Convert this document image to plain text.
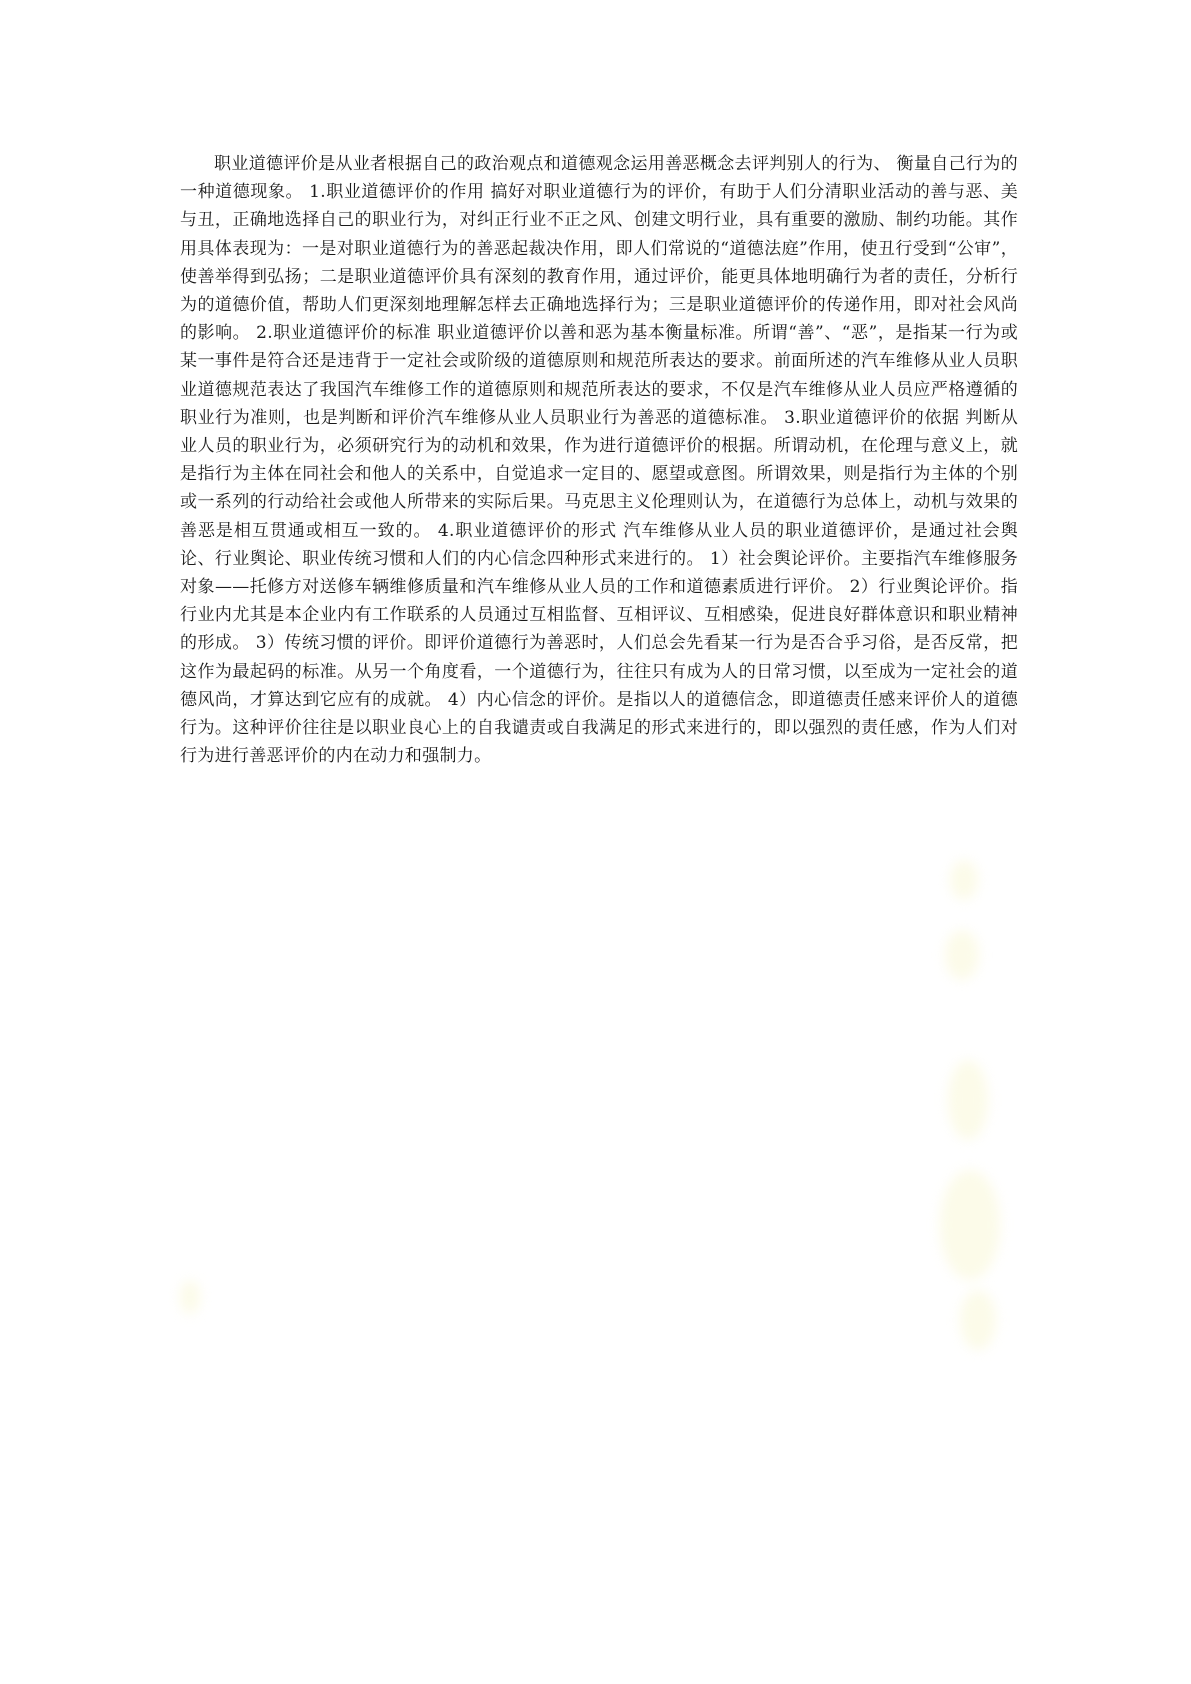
职业道德评价是从业者根据自己的政治观点和道德观念运用善恶概念去评判别人的行为、 衡量自己行为的一种道德现象。 1.职业道德评价的作用 搞好对职业道德行为的评价，有助于人们分清职业活动的善与恶、美与丑，正确地选择自己的职业行为，对纠正行业不正之风、创建文明行业，具有重要的激励、制约功能。其作用具体表现为：一是对职业道德行为的善恶起裁决作用，即人们常说的“道德法庭”作用，使丑行受到“公审”，使善举得到弘扬；二是职业道德评价具有深刻的教育作用，通过评价，能更具体地明确行为者的责任，分析行为的道德价值，帮助人们更深刻地理解怎样去正确地选择行为；三是职业道德评价的传递作用，即对社会风尚的影响。 2.职业道德评价的标准 职业道德评价以善和恶为基本衡量标准。所谓“善”、“恶”，是指某一行为或某一事件是符合还是违背于一定社会或阶级的道德原则和规范所表达的要求。前面所述的汽车维修从业人员职业道德规范表达了我国汽车维修工作的道德原则和规范所表达的要求，不仅是汽车维修从业人员应严格遵循的职业行为准则，也是判断和评价汽车维修从业人员职业行为善恶的道德标准。 3.职业道德评价的依据 判断从业人员的职业行为，必须研究行为的动机和效果，作为进行道德评价的根据。所谓动机，在伦理与意义上，就是指行为主体在同社会和他人的关系中，自觉追求一定目的、愿望或意图。所谓效果，则是指行为主体的个别或一系列的行动给社会或他人所带来的实际后果。马克思主义伦理则认为，在道德行为总体上，动机与效果的善恶是相互贯通或相互一致的。 4.职业道德评价的形式 汽车维修从业人员的职业道德评价，是通过社会舆论、行业舆论、职业传统习惯和人们的内心信念四种形式来进行的。 1）社会舆论评价。主要指汽车维修服务对象——托修方对送修车辆维修质量和汽车维修从业人员的工作和道德素质进行评价。 2）行业舆论评价。指行业内尤其是本企业内有工作联系的人员通过互相监督、互相评议、互相感染，促进良好群体意识和职业精神的形成。 3）传统习惯的评价。即评价道德行为善恶时，人们总会先看某一行为是否合乎习俗，是否反常，把这作为最起码的标准。从另一个角度看，一个道德行为，往往只有成为人的日常习惯，以至成为一定社会的道德风尚，才算达到它应有的成就。 4）内心信念的评价。是指以人的道德信念，即道德责任感来评价人的道德行为。这种评价往往是以职业良心上的自我谴责或自我满足的形式来进行的，即以强烈的责任感，作为人们对行为进行善恶评价的内在动力和强制力。
